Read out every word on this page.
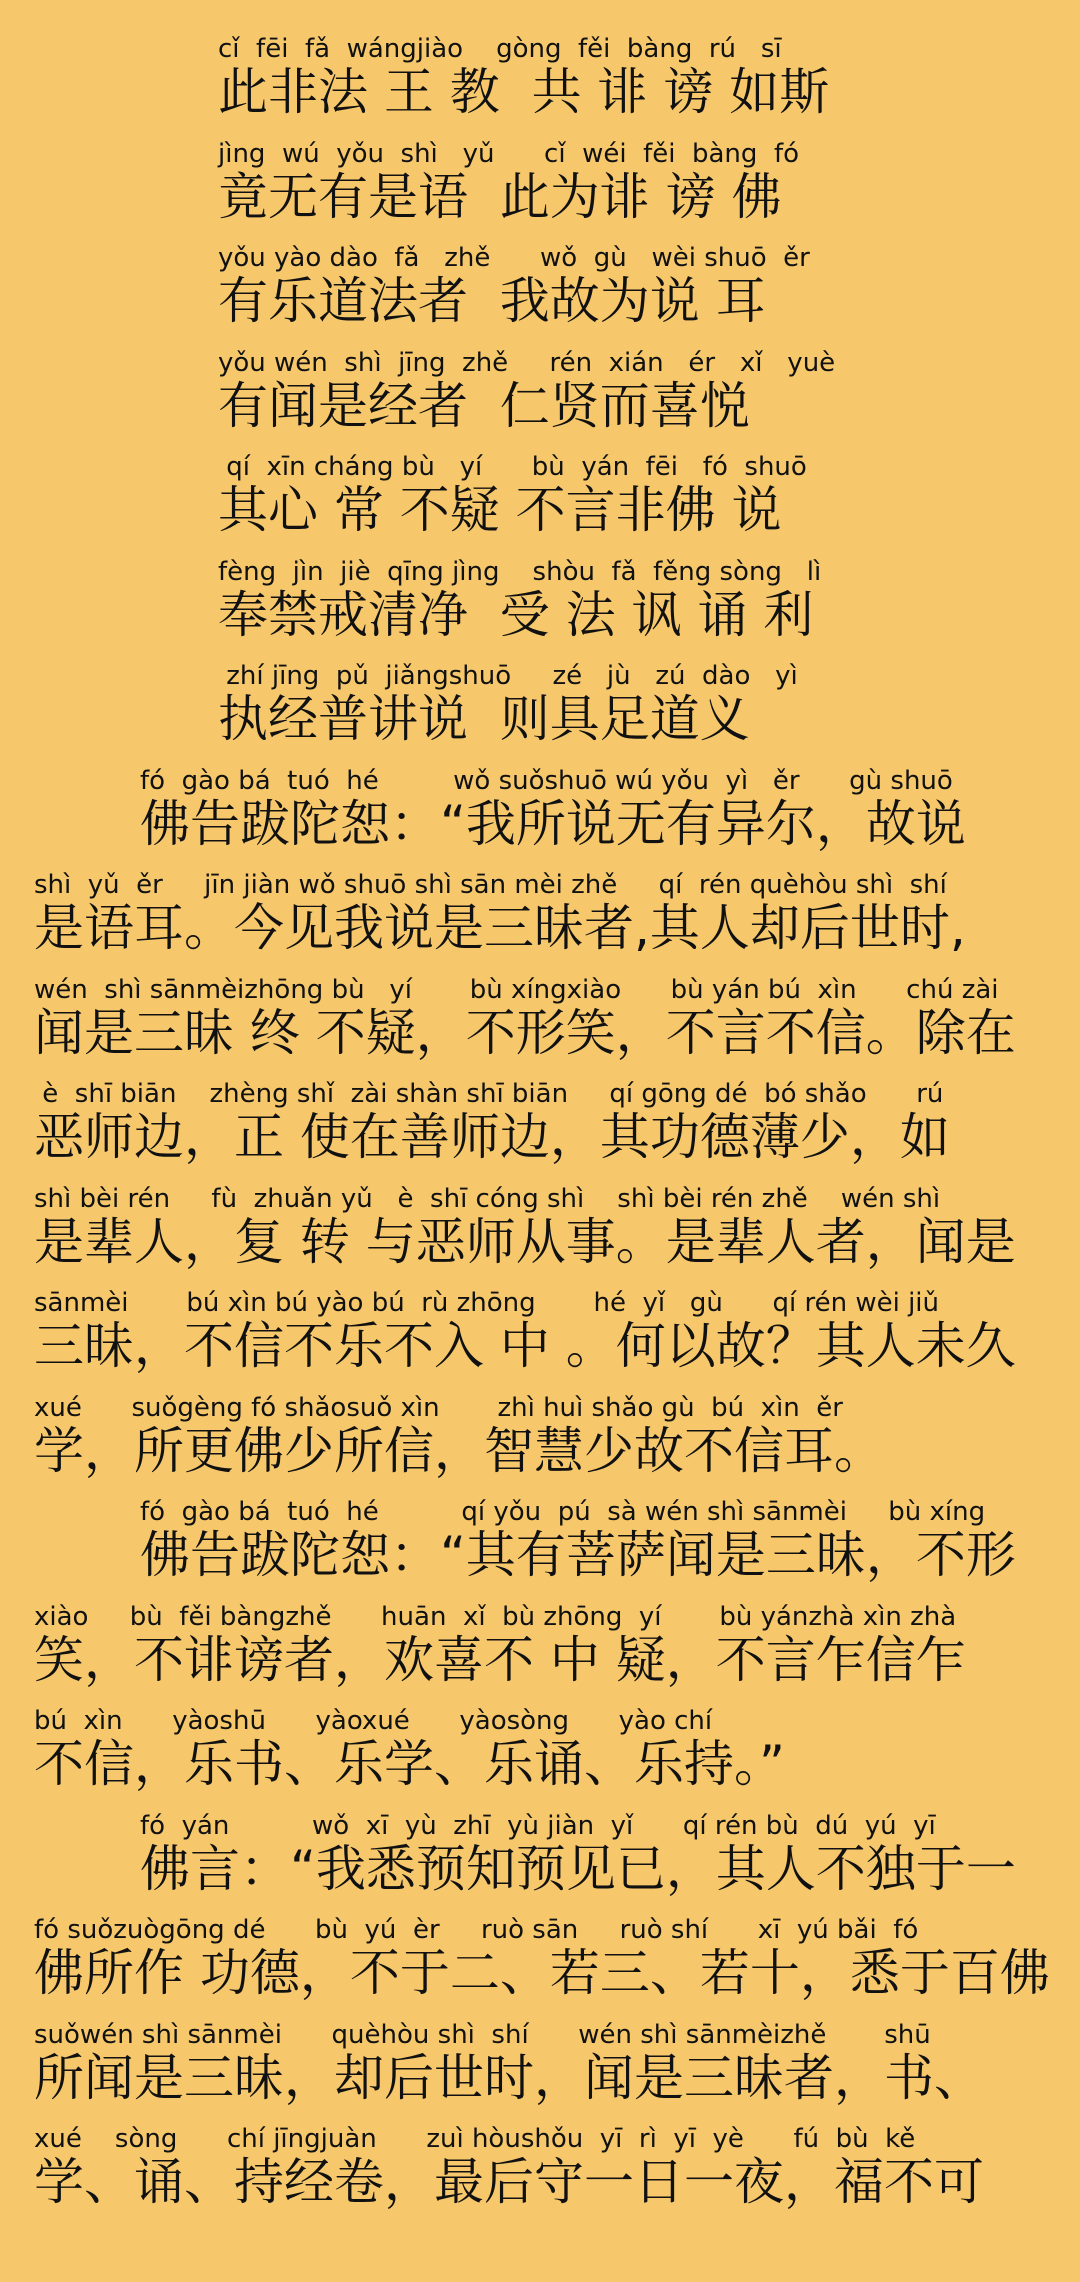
cǐ  fēi  fǎ  wángjiào    gòng  fěi  bàng  rú   sī
此非法 王 教  共 诽 谤 如斯
jìng  wú  yǒu  shì   yǔ      cǐ  wéi  fěi  bàng  fó
竟无有是语  此为诽 谤 佛
yǒu yào dào  fǎ   zhě      wǒ  gù   wèi shuō  ěr
有乐道法者  我故为说 耳
yǒu wén  shì  jīng  zhě     rén  xián   ér   xǐ   yuè
有闻是经者  仁贤而喜悦
qí  xīn cháng bù   yí      bù  yán  fēi   fó  shuō
其心 常 不疑 不言非佛 说
fèng  jìn  jiè  qīng jìng    shòu  fǎ  fěng sòng   lì
奉禁戒清净  受 法 讽 诵 利
zhí jīng  pǔ  jiǎngshuō     zé   jù   zú  dào   yì
执经普讲说  则具足道义
fó  gào bá  tuó  hé         wǒ suǒshuō wú yǒu  yì   ěr      gù shuō
佛告跋陀恕：“我所说无有异尔，故说
shì  yǔ  ěr     jīn jiàn wǒ shuō shì sān mèi zhě     qí  rén quèhòu shì  shí
是语耳。今见我说是三昧者,其人却后世时,
wén  shì sānmèizhōng bù   yí       bù xíngxiào      bù yán bú  xìn      chú zài
闻是三昧 终 不疑，不形笑，不言不信。除在
è  shī biān    zhèng shǐ  zài shàn shī biān     qí gōng dé  bó shǎo      rú
恶师边，正 使在善师边，其功德薄少，如
shì bèi rén     fù  zhuǎn yǔ   è  shī cóng shì    shì bèi rén zhě    wén shì
是辈人，复 转 与恶师从事。是辈人者，闻是
sānmèi       bú xìn bú yào bú  rù zhōng       hé  yǐ   gù      qí rén wèi jiǔ
三昧，不信不乐不入 中 。何以故？其人未久
xué      suǒgèng fó shǎosuǒ xìn       zhì huì shǎo gù  bú  xìn  ěr
学，所更佛少所信，智慧少故不信耳。
fó  gào bá  tuó  hé          qí yǒu  pú  sà wén shì sānmèi     bù xíng
佛告跋陀恕：“其有菩萨闻是三昧，不形
xiào     bù  fěi bàngzhě      huān  xǐ  bù zhōng  yí       bù yánzhà xìn zhà
笑，不诽谤者，欢喜不 中 疑，不言乍信乍
bú  xìn      yàoshū      yàoxué      yàosòng      yào chí
不信，乐书、乐学、乐诵、乐持。”
fó  yán          wǒ  xī  yù  zhī  yù jiàn  yǐ      qí rén bù  dú  yú  yī
佛言：“我悉预知预见已，其人不独于一
fó suǒzuògōng dé      bù  yú  èr     ruò sān     ruò shí      xī  yú bǎi  fó
佛所作 功德，不于二、若三、若十，悉于百佛
suǒwén shì sānmèi      quèhòu shì  shí      wén shì sānmèizhě       shū
所闻是三昧，却后世时，闻是三昧者，书、
xué    sòng      chí jīngjuàn      zuì hòushǒu  yī  rì  yī  yè      fú  bù  kě
学、诵、持经卷，最后守一日一夜，福不可
